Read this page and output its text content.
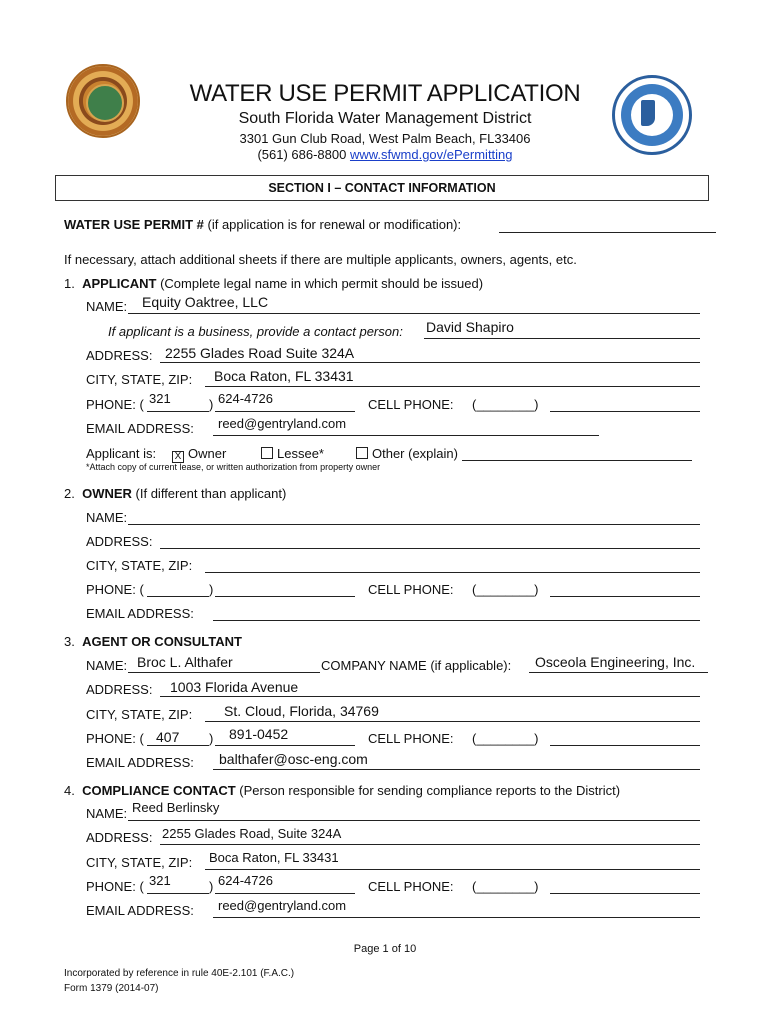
WATER USE PERMIT APPLICATION
South Florida Water Management District
3301 Gun Club Road, West Palm Beach, FL33406
(561) 686-8800 www.sfwmd.gov/ePermitting
SECTION I – CONTACT INFORMATION
WATER USE PERMIT # (if application is for renewal or modification):
If necessary, attach additional sheets if there are multiple applicants, owners, agents, etc.
1. APPLICANT (Complete legal name in which permit should be issued)
NAME: Equity Oaktree, LLC
If applicant is a business, provide a contact person: David Shapiro
ADDRESS: 2255 Glades Road Suite 324A
CITY, STATE, ZIP: Boca Raton, FL 33431
PHONE: ( 321	) 624-4726	CELL PHONE: (________)
EMAIL ADDRESS: reed@gentryland.com
Applicant is: X Owner	Lessee*	Other (explain)
*Attach copy of current lease, or written authorization from property owner
2. OWNER (If different than applicant)
NAME:
ADDRESS:
CITY, STATE, ZIP:
PHONE: (	)	CELL PHONE: (________)
EMAIL ADDRESS:
3. AGENT OR CONSULTANT
NAME: Broc L. Althafer	COMPANY NAME (if applicable): Osceola Engineering, Inc.
ADDRESS: 1003 Florida Avenue
CITY, STATE, ZIP: St. Cloud, Florida, 34769
PHONE: ( 407 ) 891-0452	CELL PHONE: (________)
EMAIL ADDRESS: balthafer@osc-eng.com
4. COMPLIANCE CONTACT (Person responsible for sending compliance reports to the District)
NAME: Reed Berlinsky
ADDRESS: 2255 Glades Road, Suite 324A
CITY, STATE, ZIP: Boca Raton, FL 33431
PHONE: ( 321	) 624-4726	CELL PHONE: (________)
EMAIL ADDRESS: reed@gentryland.com
Page 1 of 10
Incorporated by reference in rule 40E-2.101 (F.A.C.)
Form 1379 (2014-07)
